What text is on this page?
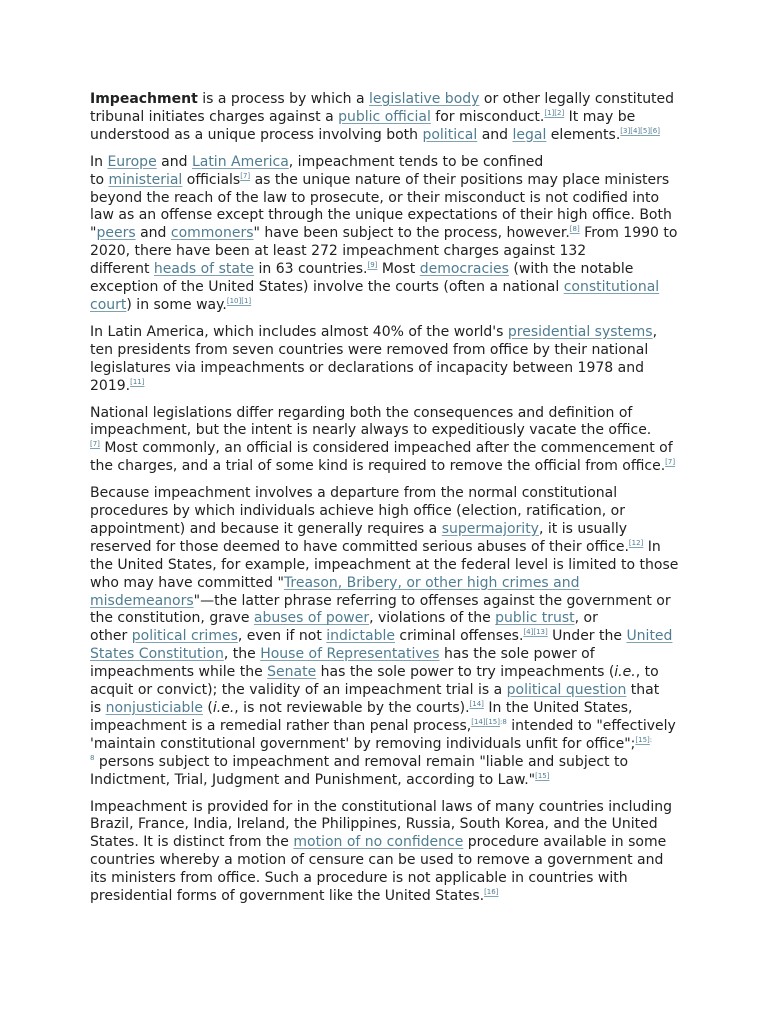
Impeachment is a process by which a legislative body or other legally constituted tribunal initiates charges against a public official for misconduct.[1][2] It may be understood as a unique process involving both political and legal elements.[3][4][5][6]

In Europe and Latin America, impeachment tends to be confined
to ministerial officials[7] as the unique nature of their positions may place ministers beyond the reach of the law to prosecute, or their misconduct is not codified into law as an offense except through the unique expectations of their high office. Both "peers and commoners" have been subject to the process, however.[8] From 1990 to 2020, there have been at least 272 impeachment charges against 132
different heads of state in 63 countries.[9] Most democracies (with the notable exception of the United States) involve the courts (often a national constitutional court) in some way.[10][1]

In Latin America, which includes almost 40% of the world's presidential systems, ten presidents from seven countries were removed from office by their national legislatures via impeachments or declarations of incapacity between 1978 and 2019.[11]

National legislations differ regarding both the consequences and definition of impeachment, but the intent is nearly always to expeditiously vacate the office.
[7] Most commonly, an official is considered impeached after the commencement of the charges, and a trial of some kind is required to remove the official from office.[7]

Because impeachment involves a departure from the normal constitutional procedures by which individuals achieve high office (election, ratification, or appointment) and because it generally requires a supermajority, it is usually reserved for those deemed to have committed serious abuses of their office.[12] In the United States, for example, impeachment at the federal level is limited to those who may have committed "Treason, Bribery, or other high crimes and misdemeanors"—the latter phrase referring to offenses against the government or the constitution, grave abuses of power, violations of the public trust, or
other political crimes, even if not indictable criminal offenses.[4][13] Under the United States Constitution, the House of Representatives has the sole power of impeachments while the Senate has the sole power to try impeachments (i.e., to acquit or convict); the validity of an impeachment trial is a political question that
is nonjusticiable (i.e., is not reviewable by the courts).[14] In the United States, impeachment is a remedial rather than penal process,$^{[14][15]:8}$ intended to "effectively 'maintain constitutional government' by removing individuals unfit for office";$^{[15]:}$
$^8$ persons subject to impeachment and removal remain "liable and subject to Indictment, Trial, Judgment and Punishment, according to Law."[15]

Impeachment is provided for in the constitutional laws of many countries including Brazil, France, India, Ireland, the Philippines, Russia, South Korea, and the United States. It is distinct from the motion of no confidence procedure available in some countries whereby a motion of censure can be used to remove a government and its ministers from office. Such a procedure is not applicable in countries with presidential forms of government like the United States.[16]
